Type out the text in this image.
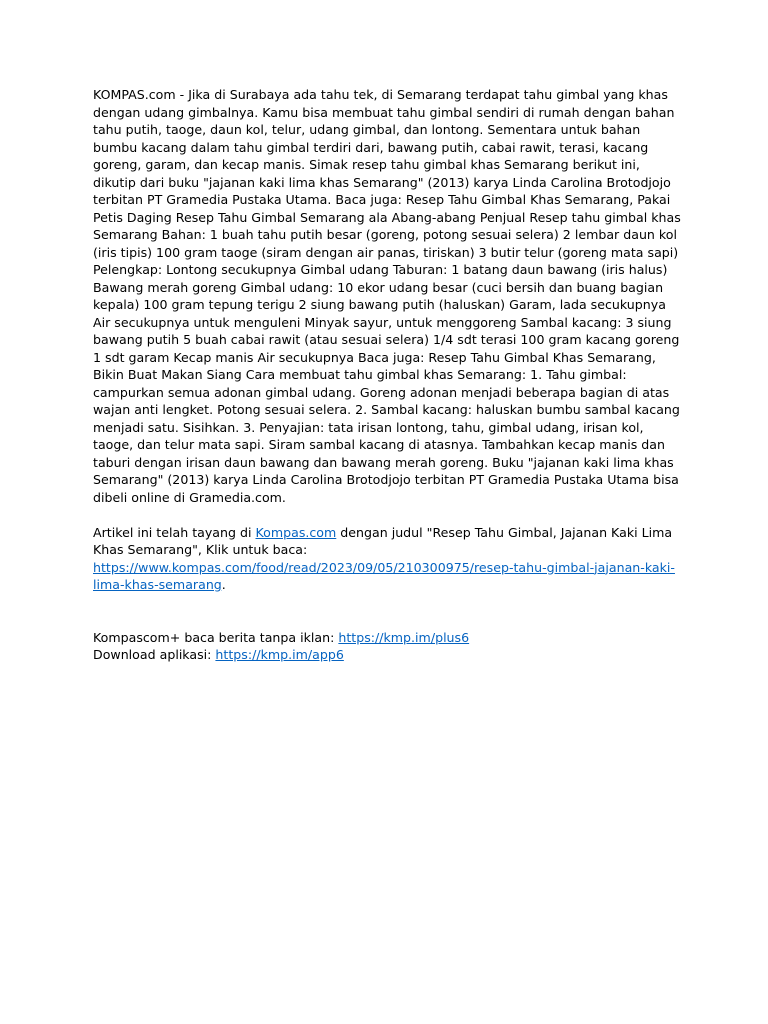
KOMPAS.com - Jika di Surabaya ada tahu tek, di Semarang terdapat tahu gimbal yang khas dengan udang gimbalnya. Kamu bisa membuat tahu gimbal sendiri di rumah dengan bahan tahu putih, taoge, daun kol, telur, udang gimbal, dan lontong. Sementara untuk bahan bumbu kacang dalam tahu gimbal terdiri dari, bawang putih, cabai rawit, terasi, kacang goreng, garam, dan kecap manis. Simak resep tahu gimbal khas Semarang berikut ini, dikutip dari buku "jajanan kaki lima khas Semarang" (2013) karya Linda Carolina Brotodjojo terbitan PT Gramedia Pustaka Utama. Baca juga: Resep Tahu Gimbal Khas Semarang, Pakai Petis Daging Resep Tahu Gimbal Semarang ala Abang-abang Penjual Resep tahu gimbal khas Semarang Bahan: 1 buah tahu putih besar (goreng, potong sesuai selera) 2 lembar daun kol (iris tipis) 100 gram taoge (siram dengan air panas, tiriskan) 3 butir telur (goreng mata sapi) Pelengkap: Lontong secukupnya Gimbal udang Taburan: 1 batang daun bawang (iris halus) Bawang merah goreng Gimbal udang: 10 ekor udang besar (cuci bersih dan buang bagian kepala) 100 gram tepung terigu 2 siung bawang putih (haluskan) Garam, lada secukupnya Air secukupnya untuk menguleni Minyak sayur, untuk menggoreng Sambal kacang: 3 siung bawang putih 5 buah cabai rawit (atau sesuai selera) 1/4 sdt terasi 100 gram kacang goreng 1 sdt garam Kecap manis Air secukupnya Baca juga: Resep Tahu Gimbal Khas Semarang, Bikin Buat Makan Siang Cara membuat tahu gimbal khas Semarang: 1. Tahu gimbal: campurkan semua adonan gimbal udang. Goreng adonan menjadi beberapa bagian di atas wajan anti lengket. Potong sesuai selera. 2. Sambal kacang: haluskan bumbu sambal kacang menjadi satu. Sisihkan. 3. Penyajian: tata irisan lontong, tahu, gimbal udang, irisan kol, taoge, dan telur mata sapi. Siram sambal kacang di atasnya. Tambahkan kecap manis dan taburi dengan irisan daun bawang dan bawang merah goreng. Buku "jajanan kaki lima khas Semarang" (2013) karya Linda Carolina Brotodjojo terbitan PT Gramedia Pustaka Utama bisa dibeli online di Gramedia.com.

Artikel ini telah tayang di Kompas.com dengan judul "Resep Tahu Gimbal, Jajanan Kaki Lima Khas Semarang", Klik untuk baca: https://www.kompas.com/food/read/2023/09/05/210300975/resep-tahu-gimbal-jajanan-kaki-lima-khas-semarang.

Kompascom+ baca berita tanpa iklan: https://kmp.im/plus6

Download aplikasi: https://kmp.im/app6
